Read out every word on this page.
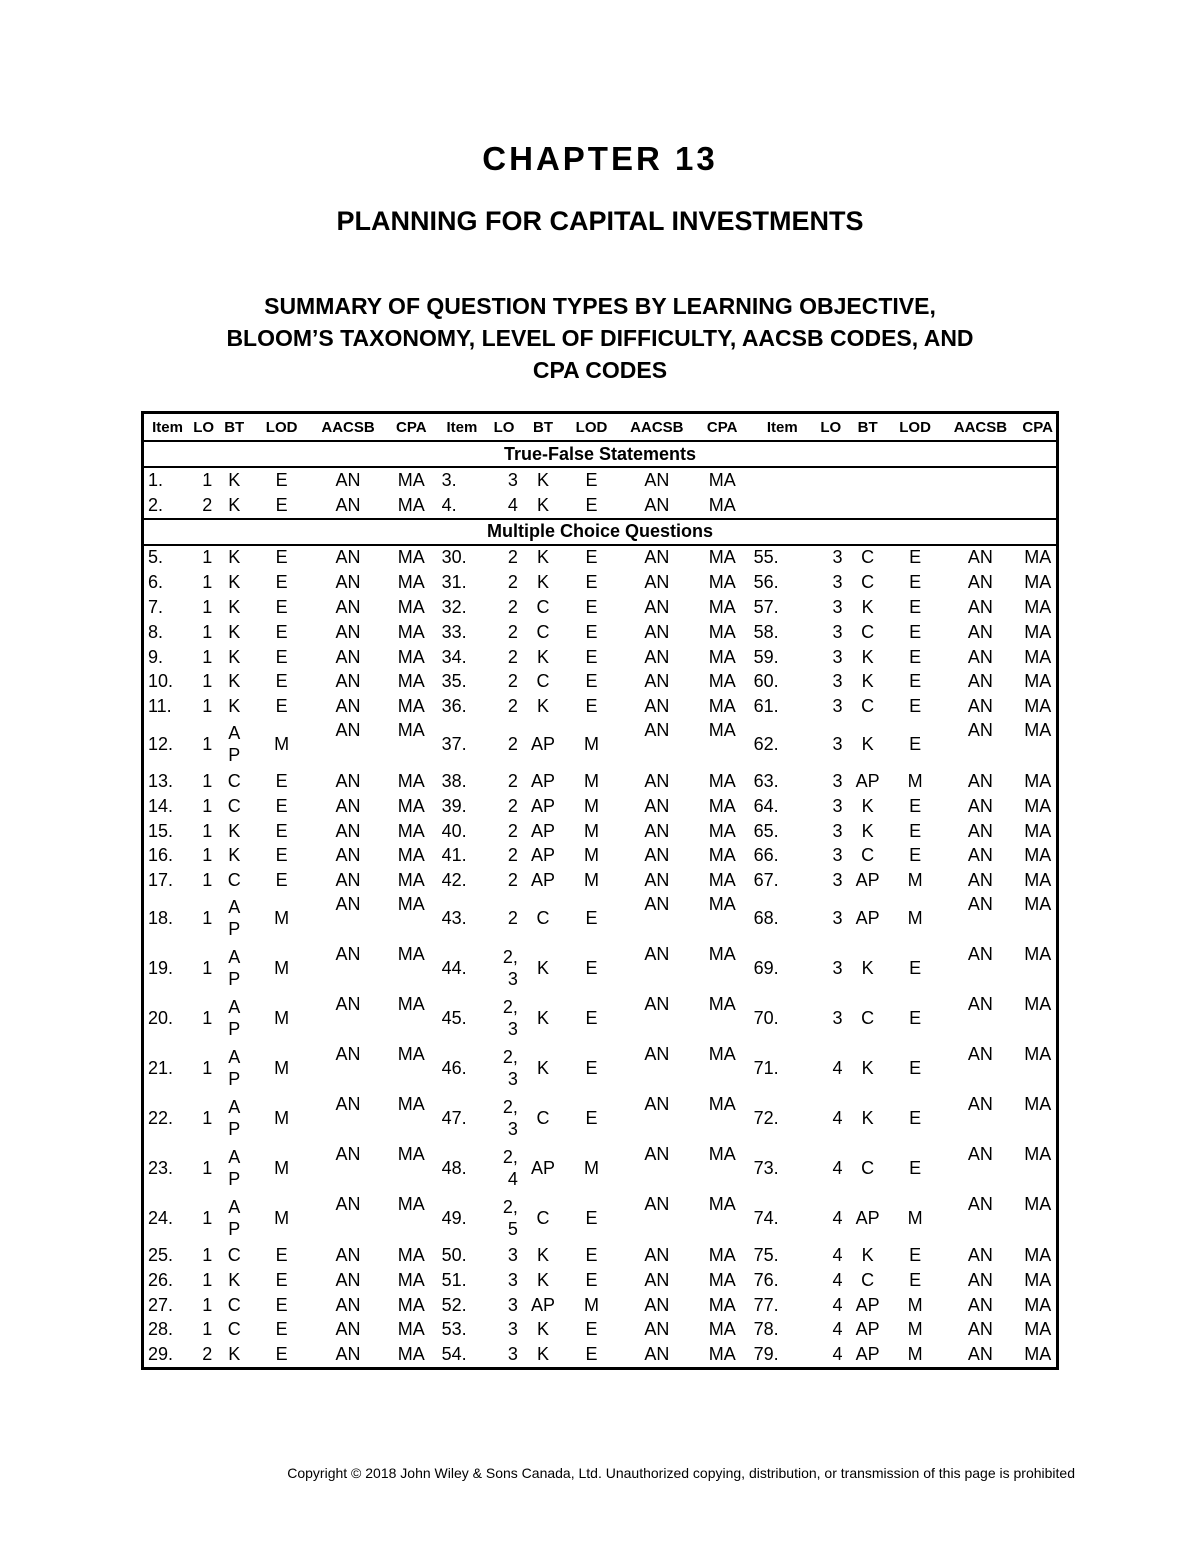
CHAPTER 13
PLANNING FOR CAPITAL INVESTMENTS
SUMMARY OF QUESTION TYPES BY LEARNING OBJECTIVE,
BLOOM’S TAXONOMY, LEVEL OF DIFFICULTY, AACSB CODES, AND
CPA CODES
Item	LO	BT	LOD	AACSB	CPA	Item	LO	BT	LOD	AACSB	CPA	Item	LO	BT	LOD	AACSB	CPA
True-False Statements																	
1.	1	K	E	AN	MA	3.	3	K	E	AN	MA						
2.	2	K	E	AN	MA	4.	4	K	E	AN	MA						
Multiple Choice Questions																	
5.	1	K	E	AN	MA	30.	2	K	E	AN	MA	55.	3	C	E	AN	MA
6.	1	K	E	AN	MA	31.	2	K	E	AN	MA	56.	3	C	E	AN	MA
7.	1	K	E	AN	MA	32.	2	C	E	AN	MA	57.	3	K	E	AN	MA
8.	1	K	E	AN	MA	33.	2	C	E	AN	MA	58.	3	C	E	AN	MA
9.	1	K	E	AN	MA	34.	2	K	E	AN	MA	59.	3	K	E	AN	MA
10.	1	K	E	AN	MA	35.	2	C	E	AN	MA	60.	3	K	E	AN	MA
11.	1	K	E	AN	MA	36.	2	K	E	AN	MA	61.	3	C	E	AN	MA
12.	1	A
P	M	AN	MA	37.	2	AP	M	AN	MA	62.	3	K	E	AN	MA
13.	1	C	E	AN	MA	38.	2	AP	M	AN	MA	63.	3	AP	M	AN	MA
14.	1	C	E	AN	MA	39.	2	AP	M	AN	MA	64.	3	K	E	AN	MA
15.	1	K	E	AN	MA	40.	2	AP	M	AN	MA	65.	3	K	E	AN	MA
16.	1	K	E	AN	MA	41.	2	AP	M	AN	MA	66.	3	C	E	AN	MA
17.	1	C	E	AN	MA	42.	2	AP	M	AN	MA	67.	3	AP	M	AN	MA
18.	1	A
P	M	AN	MA	43.	2	C	E	AN	MA	68.	3	AP	M	AN	MA
19.	1	A
P	M	AN	MA	44.	2,
3	K	E	AN	MA	69.	3	K	E	AN	MA
20.	1	A
P	M	AN	MA	45.	2,
3	K	E	AN	MA	70.	3	C	E	AN	MA
21.	1	A
P	M	AN	MA	46.	2,
3	K	E	AN	MA	71.	4	K	E	AN	MA
22.	1	A
P	M	AN	MA	47.	2,
3	C	E	AN	MA	72.	4	K	E	AN	MA
23.	1	A
P	M	AN	MA	48.	2,
4	AP	M	AN	MA	73.	4	C	E	AN	MA
24.	1	A
P	M	AN	MA	49.	2,
5	C	E	AN	MA	74.	4	AP	M	AN	MA
25.	1	C	E	AN	MA	50.	3	K	E	AN	MA	75.	4	K	E	AN	MA
26.	1	K	E	AN	MA	51.	3	K	E	AN	MA	76.	4	C	E	AN	MA
27.	1	C	E	AN	MA	52.	3	AP	M	AN	MA	77.	4	AP	M	AN	MA
28.	1	C	E	AN	MA	53.	3	K	E	AN	MA	78.	4	AP	M	AN	MA
29.	2	K	E	AN	MA	54.	3	K	E	AN	MA	79.	4	AP	M	AN	MA
Copyright © 2018 John Wiley & Sons Canada, Ltd. Unauthorized copying, distribution, or transmission of this page is prohibited
